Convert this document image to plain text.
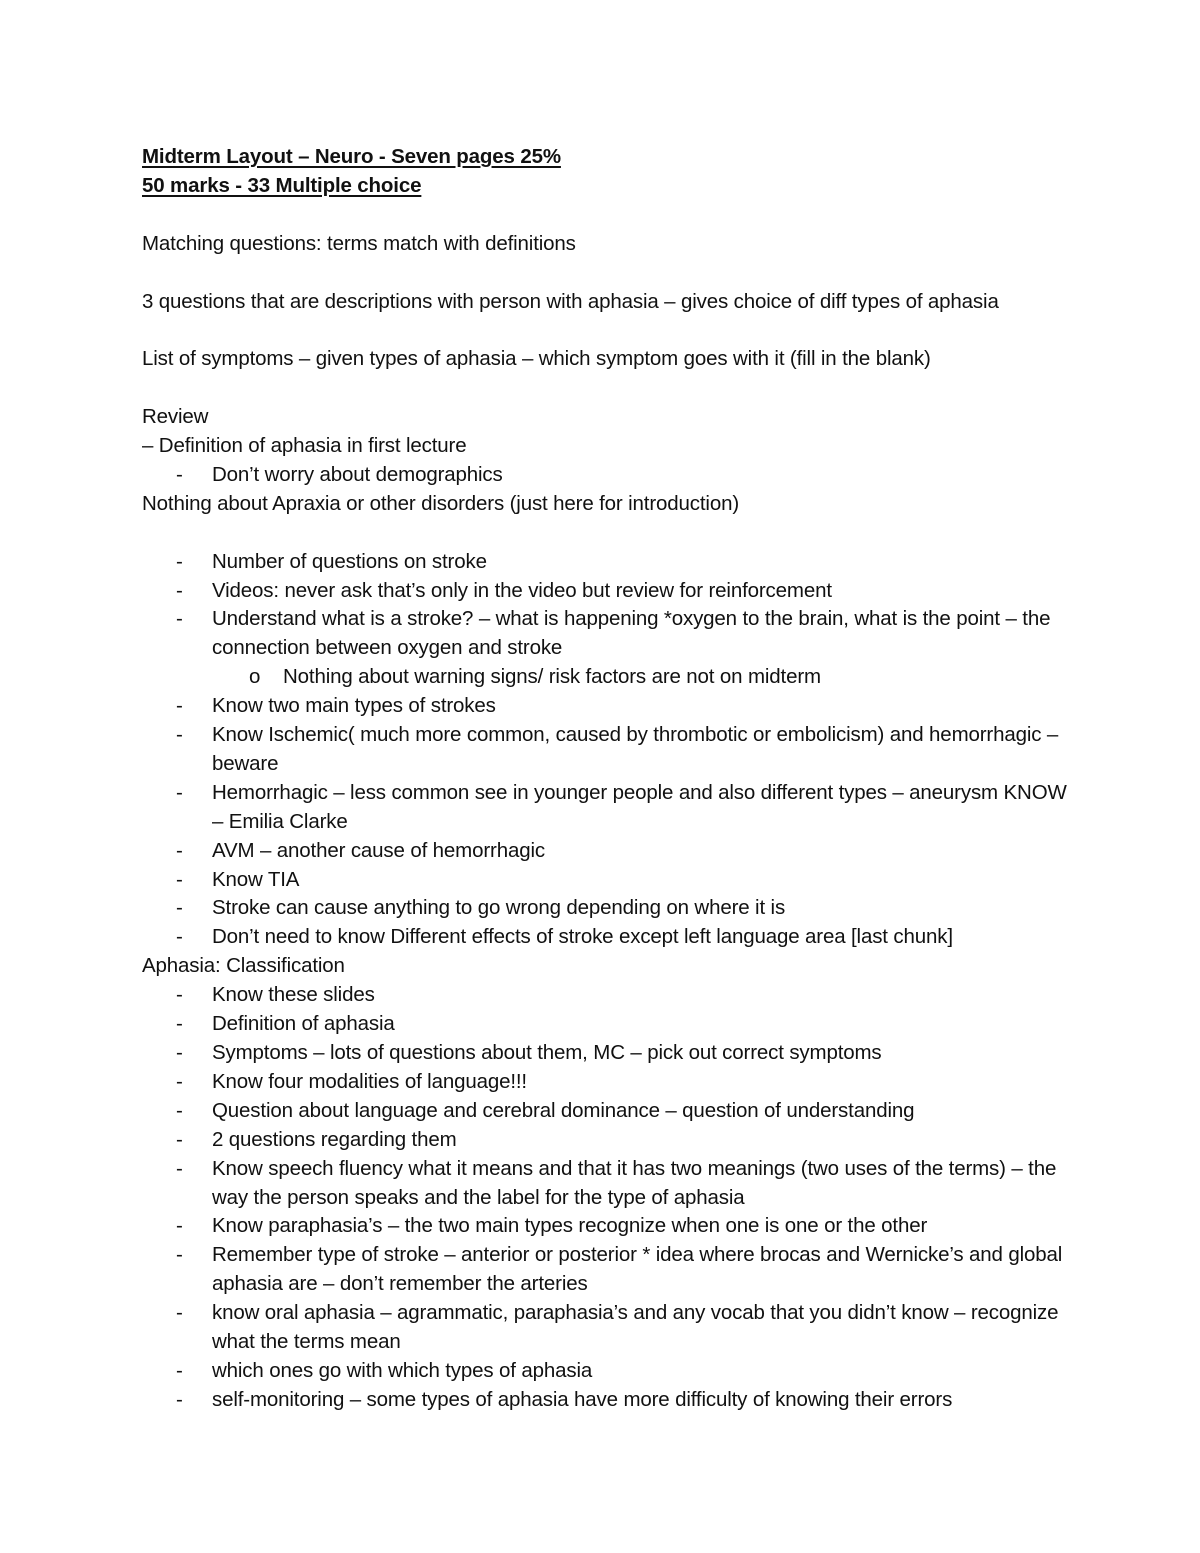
Midterm Layout – Neuro - Seven pages 25%

50 marks - 33 Multiple choice

Matching questions: terms match with definitions

3 questions that are descriptions with person with aphasia – gives choice of diff types of aphasia

List of symptoms – given types of aphasia – which symptom goes with it (fill in the blank)

Review

– Definition of aphasia in first lecture

- Don’t worry about demographics

Nothing about Apraxia or other disorders (just here for introduction)

- Number of questions on stroke
- Videos: never ask that’s only in the video but review for reinforcement
- Understand what is a stroke? – what is happening *oxygen to the brain, what is the point – the connection between oxygen and stroke
o Nothing about warning signs/ risk factors are not on midterm
- Know two main types of strokes
- Know Ischemic( much more common, caused by thrombotic or embolicism) and hemorrhagic – beware
- Hemorrhagic – less common see in younger people and also different types – aneurysm KNOW – Emilia Clarke
- AVM – another cause of hemorrhagic
- Know TIA
- Stroke can cause anything to go wrong depending on where it is
- Don’t need to know Different effects of stroke except left language area [last chunk]

Aphasia: Classification

- Know these slides
- Definition of aphasia
- Symptoms – lots of questions about them, MC – pick out correct symptoms
- Know four modalities of language!!!
- Question about language and cerebral dominance – question of understanding
- 2 questions regarding them
- Know speech fluency what it means and that it has two meanings (two uses of the terms) – the way the person speaks and the label for the type of aphasia
- Know paraphasia’s – the two main types recognize when one is one or the other
- Remember type of stroke – anterior or posterior * idea where brocas and Wernicke’s and global aphasia are – don’t remember the arteries
- know oral aphasia – agrammatic, paraphasia’s and any vocab that you didn’t know – recognize what the terms mean
- which ones go with which types of aphasia
- self-monitoring – some types of aphasia have more difficulty of knowing their errors
